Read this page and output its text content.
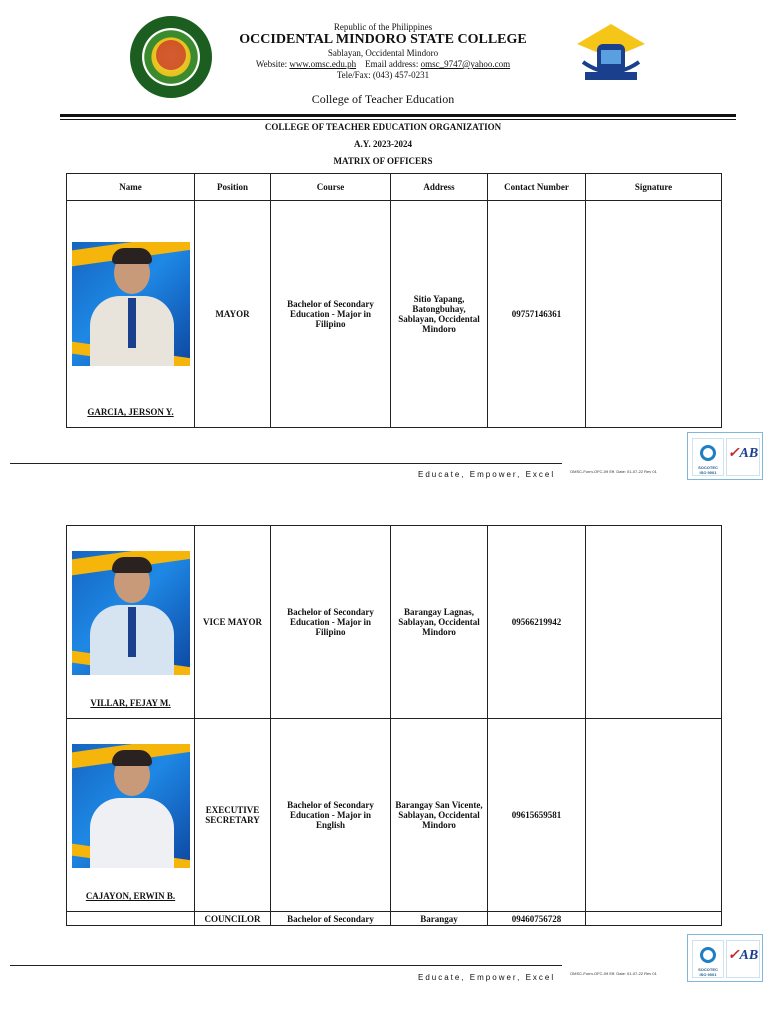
Republic of the Philippines
OCCIDENTAL MINDORO STATE COLLEGE
Sablayan, Occidental Mindoro
Website: www.omsc.edu.ph Email address: omsc_9747@yahoo.com
Tele/Fax: (043) 457-0231
College of Teacher Education
COLLEGE OF TEACHER EDUCATION ORGANIZATION
A.Y. 2023-2024
MATRIX OF OFFICERS
Name	Position	Course	Address	Contact Number	Signature

GARCIA, JERSON Y.	MAYOR	Bachelor of Secondary Education - Major in Filipino	Sitio Yapang, Batongbuhay, Sablayan, Occidental Mindoro	09757146361	
Educate, Empower, Excel	OMSC-Form-OFC-09 Eff. Date: 01-07-22 Rev 01
SOCOTEC
ISO 9001
✓AB
VILLAR, FEJAY M.	VICE MAYOR	Bachelor of Secondary Education - Major in Filipino	Barangay Lagnas, Sablayan, Occidental Mindoro	09566219942	

CAJAYON, ERWIN B.	EXECUTIVE SECRETARY	Bachelor of Secondary Education - Major in English	Barangay San Vicente, Sablayan, Occidental Mindoro	09615659581	
	COUNCILOR	Bachelor of Secondary	Barangay	09460756728	
Educate, Empower, Excel	OMSC-Form-OFC-09 Eff. Date: 01-07-22 Rev 01
SOCOTEC
ISO 9001
✓AB
